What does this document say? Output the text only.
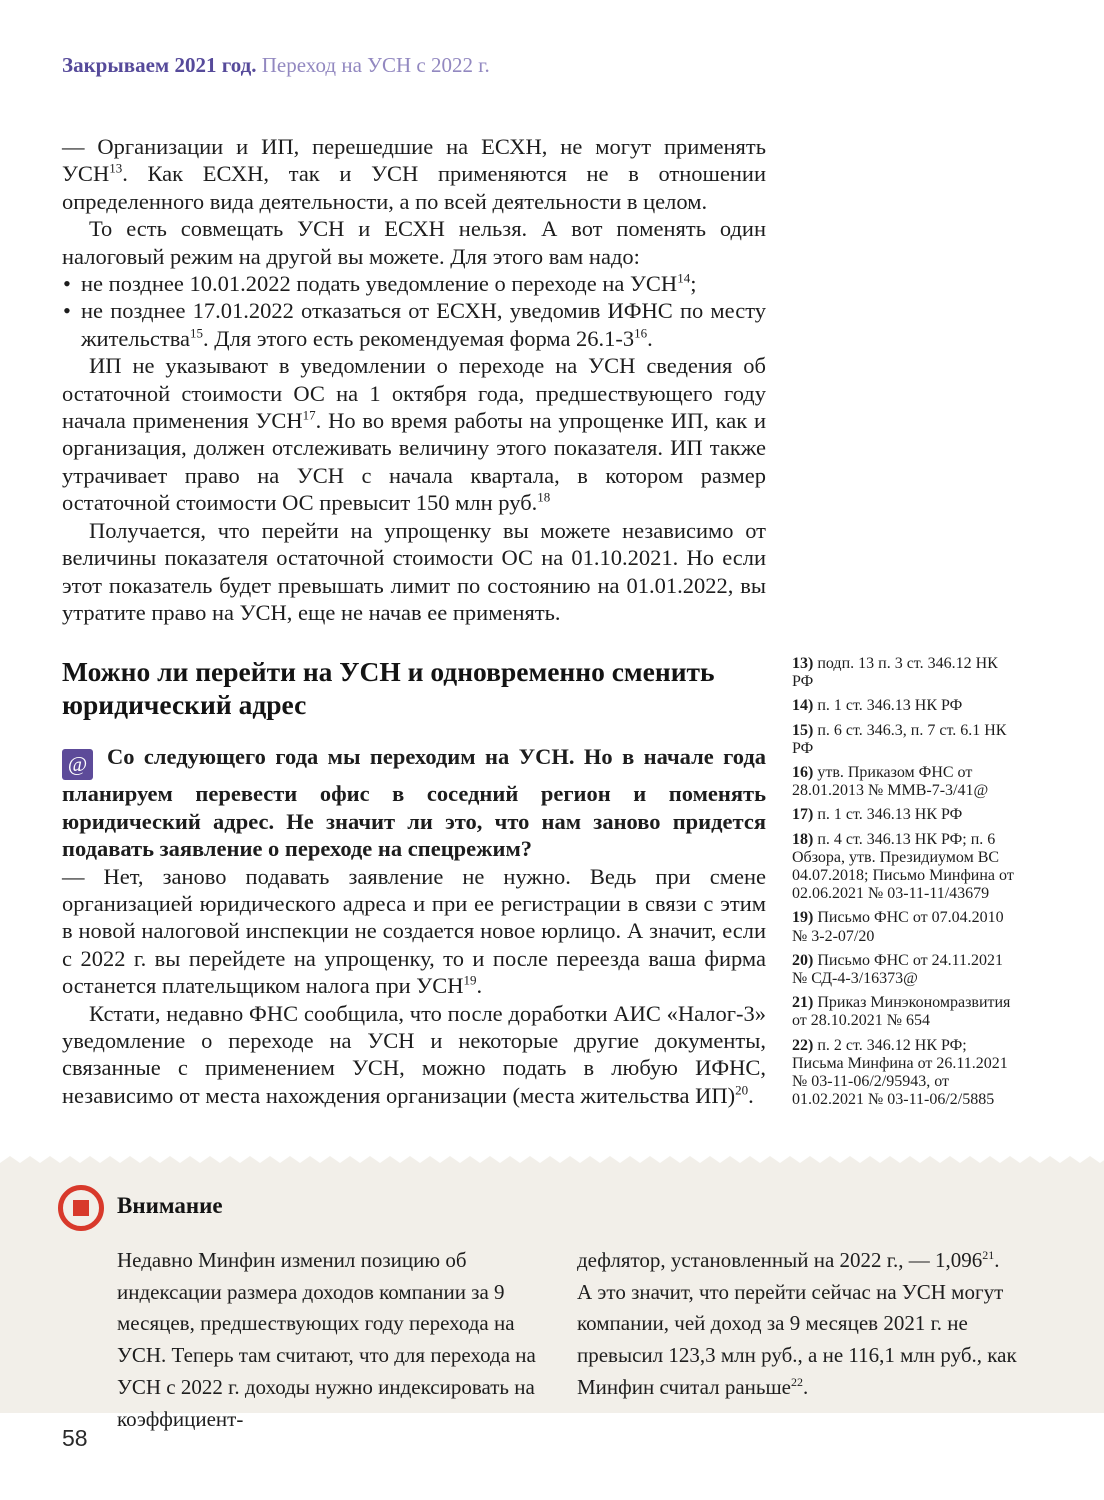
Закрываем 2021 год. Переход на УСН с 2022 г.

— Организации и ИП, перешедшие на ЕСХН, не могут применять УСН$^{13}$. Как ЕСХН, так и УСН применяются не в отношении определенного вида деятельности, а по всей деятельности в целом.

То есть совмещать УСН и ЕСХН нельзя. А вот поменять один налоговый режим на другой вы можете. Для этого вам надо:

• не позднее 10.01.2022 подать уведомление о переходе на УСН$^{14}$;

• не позднее 17.01.2022 отказаться от ЕСХН, уведомив ИФНС по месту жительства$^{15}$. Для этого есть рекомендуемая форма $26.1-3^{16}$.

ИП не указывают в уведомлении о переходе на УСН сведения об остаточной стоимости ОС на 1 октября года, предшествующего году начала применения УСН$^{17}$. Но во время работы на упрощенке ИП, как и организация, должен отслеживать величину этого показателя. ИП также утрачивает право на УСН с начала квартала, в котором размер остаточной стоимости ОС превысит 150 млн руб.$^{18}$

Получается, что перейти на упрощенку вы можете независимо от величины показателя остаточной стоимости ОС на 01.10.2021. Но если этот показатель будет превышать лимит по состоянию на 01.01.2022, вы утратите право на УСН, еще не начав ее применять.

Можно ли перейти на УСН и одновременно сменить юридический адрес

@ Со следующего года мы переходим на УСН. Но в начале года планируем перевести офис в соседний регион и поменять юридический адрес. Не значит ли это, что нам заново придется подавать заявление о переходе на спецрежим?

— Нет, заново подавать заявление не нужно. Ведь при смене организацией юридического адреса и при ее регистрации в связи с этим в новой налоговой инспекции не создается новое юрлицо. А значит, если с 2022 г. вы перейдете на упрощенку, то и после переезда ваша фирма останется плательщиком налога при УСН$^{19}$.

Кстати, недавно ФНС сообщила, что после доработки АИС «Налог-3» уведомление о переходе на УСН и некоторые другие документы, связанные с применением УСН, можно подать в любую ИФНС, независимо от места нахождения организации (места жительства ИП)$^{20}$.

13) подп. 13 п. 3 ст. 346.12 НК РФ

14) п. 1 ст. 346.13 НК РФ

15) п. 6 ст. 346.3, п. 7 ст. 6.1 НК РФ

16) утв. Приказом ФНС от 28.01.2013 № ММВ-7-3/41@

17) п. 1 ст. 346.13 НК РФ

18) п. 4 ст. 346.13 НК РФ; п. 6 Обзора, утв. Президиумом ВС 04.07.2018; Письмо Минфина от 02.06.2021 № 03-11-11/43679

19) Письмо ФНС от 07.04.2010 № 3-2-07/20

20) Письмо ФНС от 24.11.2021 № СД-4-3/16373@

21) Приказ Минэкономразвития от 28.10.2021 № 654

22) п. 2 ст. 346.12 НК РФ; Письма Минфина от 26.11.2021 № 03-11-06/2/95943, от 01.02.2021 № 03-11-06/2/5885

Внимание

Недавно Минфин изменил позицию об индексации размера доходов компании за 9 месяцев, предшествующих году перехода на УСН. Теперь там считают, что для перехода на УСН с 2022 г. доходы нужно индексировать на коэффициент-

дефлятор, установленный на 2022 г., — 1,096$^{21}$. А это значит, что перейти сейчас на УСН могут компании, чей доход за 9 месяцев 2021 г. не превысил 123,3 млн руб., а не 116,1 млн руб., как Минфин считал раньше$^{22}$.

58
